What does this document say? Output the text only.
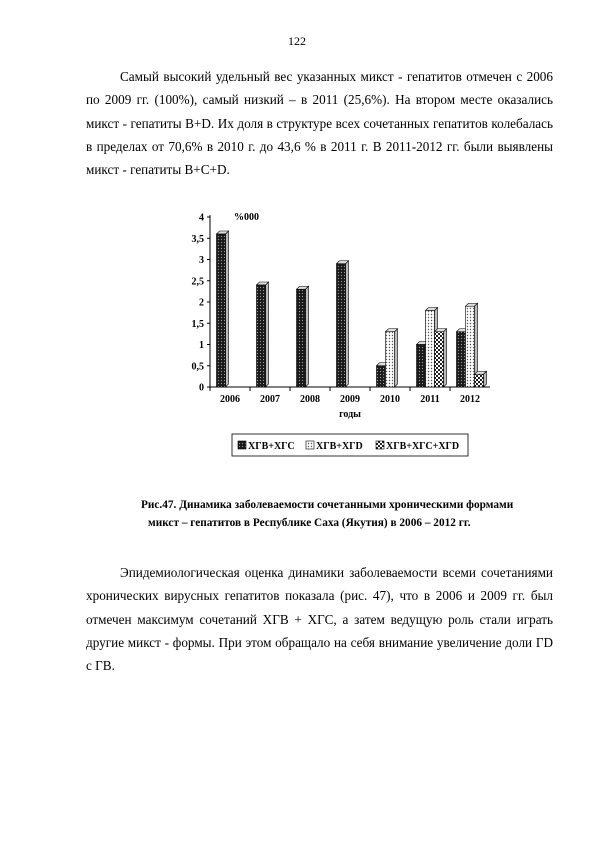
122

Самый высокий удельный вес указанных микст - гепатитов отмечен с 2006 по 2009 гг. (100%), самый низкий – в 2011 (25,6%). На втором месте оказались микст - гепатиты В+D. Их доля в структуре всех сочетанных гепатитов колебалась в пределах от 70,6% в 2010 г. до 43,6 % в 2011 г. В 2011-2012 гг. были выявлены микст - гепатиты В+С+D.

0
0,5
1
1,5
2
2,5
3
3,5
4
2006 2007 2008 2009 2010 2011 2012
%000
годы
ХГВ+ХГС ХГВ+ХГD ХГВ+ХГС+ХГD

Рис.47. Динамика заболеваемости сочетанными хроническими формами

микст – гепатитов в Республике Саха (Якутия) в 2006 – 2012 гг.

Эпидемиологическая оценка динамики заболеваемости всеми сочетаниями хронических вирусных гепатитов показала (рис. 47), что в 2006 и 2009 гг. был отмечен максимум сочетаний ХГВ + ХГС, а затем ведущую роль стали играть другие микст - формы. При этом обращало на себя внимание увеличение доли ГD с ГВ.
